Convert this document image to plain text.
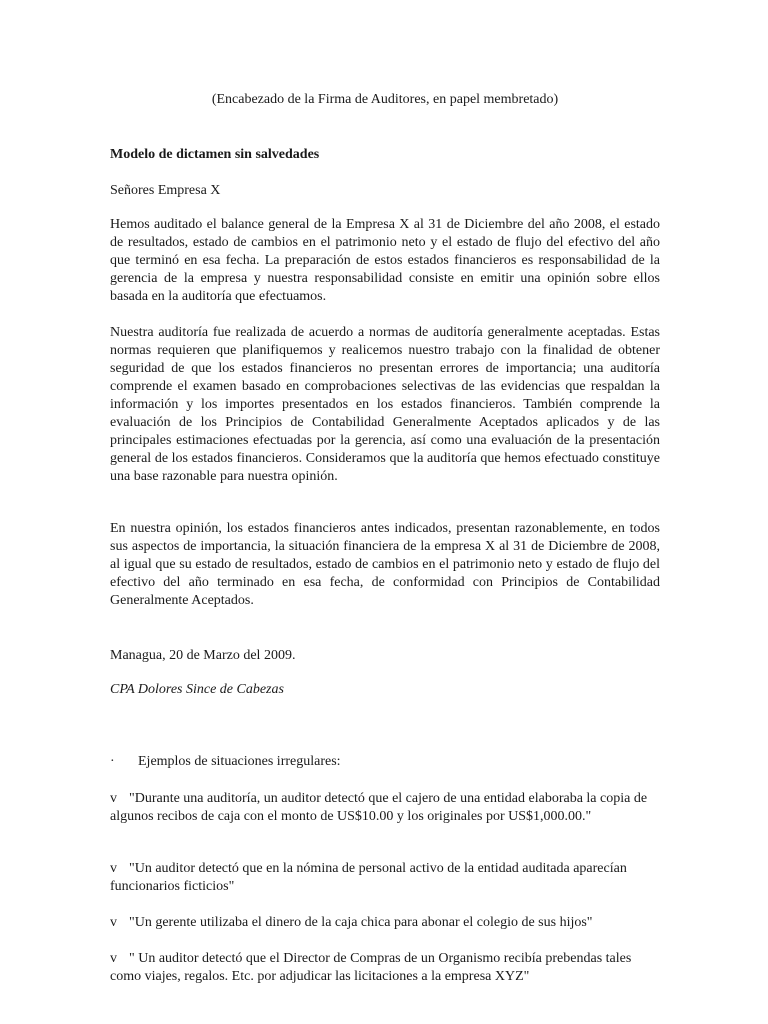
(Encabezado de la Firma de Auditores, en papel membretado)
Modelo de dictamen sin salvedades
Señores Empresa X
Hemos auditado el balance general de la Empresa X al 31 de Diciembre del año 2008, el estado de resultados, estado de cambios en el patrimonio neto y el estado de flujo del efectivo del año que terminó en esa fecha. La preparación de estos estados financieros es responsabilidad de la gerencia de la empresa y nuestra responsabilidad consiste en emitir una opinión sobre ellos basada en la auditoría que efectuamos.
Nuestra auditoría fue realizada de acuerdo a normas de auditoría generalmente aceptadas. Estas normas requieren que planifiquemos y realicemos nuestro trabajo con la finalidad de obtener seguridad de que los estados financieros no presentan errores de importancia; una auditoría comprende el examen basado en comprobaciones selectivas de las evidencias que respaldan la información y los importes presentados en los estados financieros. También comprende la evaluación de los Principios de Contabilidad Generalmente Aceptados aplicados y de las principales estimaciones efectuadas por la gerencia, así como una evaluación de la presentación general de los estados financieros. Consideramos que la auditoría que hemos efectuado constituye una base razonable para nuestra opinión.
En nuestra opinión, los estados financieros antes indicados, presentan razonablemente, en todos sus aspectos de importancia, la situación financiera de la empresa X al 31 de Diciembre de 2008, al igual que su estado de resultados, estado de cambios en el patrimonio neto y estado de flujo del efectivo del año terminado en esa fecha, de conformidad con Principios de Contabilidad Generalmente Aceptados.
Managua, 20 de Marzo del 2009.
CPA Dolores Since de Cabezas
· Ejemplos de situaciones irregulares:
v "Durante una auditoría, un auditor detectó que el cajero de una entidad elaboraba la copia de algunos recibos de caja con el monto de US$10.00 y los originales por US$1,000.00."
v "Un auditor detectó que en la nómina de personal activo de la entidad auditada aparecían funcionarios ficticios"
v "Un gerente utilizaba el dinero de la caja chica para abonar el colegio de sus hijos"
v " Un auditor detectó que el Director de Compras de un Organismo recibía prebendas tales como viajes, regalos. Etc. por adjudicar las licitaciones a la empresa XYZ"
